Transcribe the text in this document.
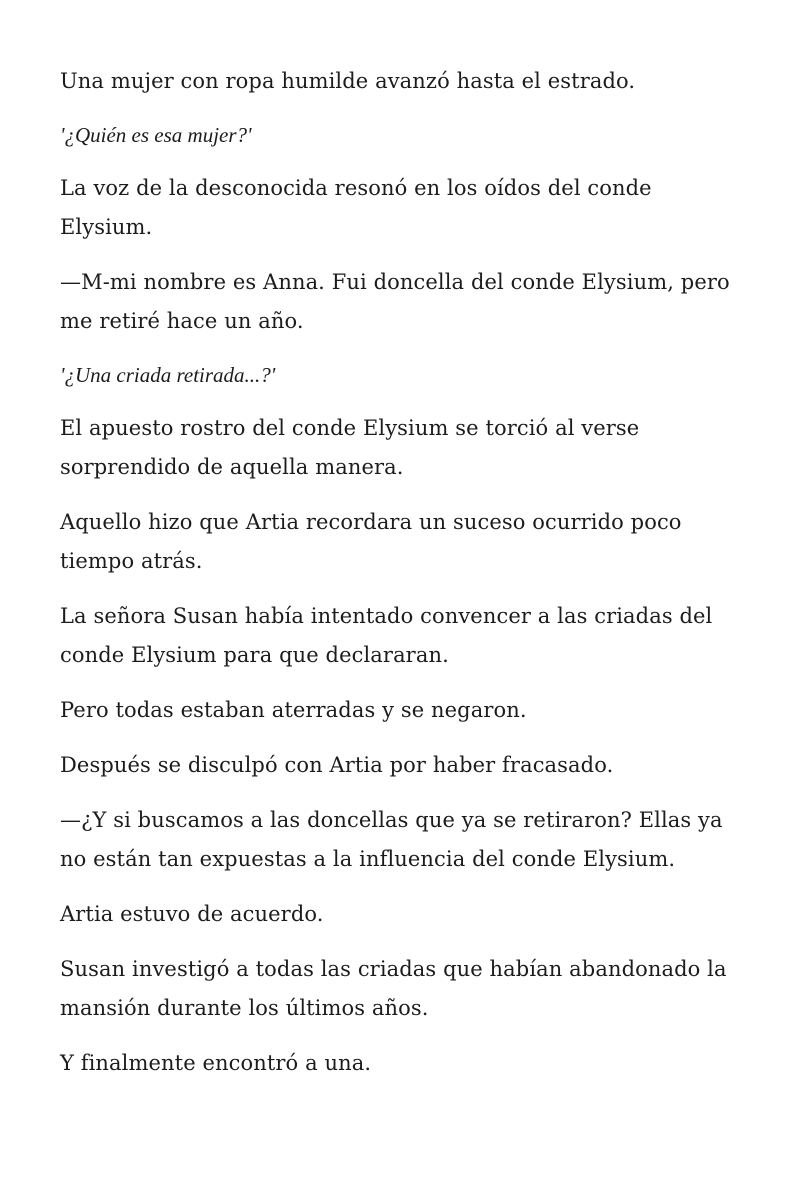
Una mujer con ropa humilde avanzó hasta el estrado.

'¿Quién es esa mujer?'

La voz de la desconocida resonó en los oídos del conde Elysium.

—M-mi nombre es Anna. Fui doncella del conde Elysium, pero me retiré hace un año.

'¿Una criada retirada...?'

El apuesto rostro del conde Elysium se torció al verse sorprendido de aquella manera.

Aquello hizo que Artia recordara un suceso ocurrido poco tiempo atrás.

La señora Susan había intentado convencer a las criadas del conde Elysium para que declararan.

Pero todas estaban aterradas y se negaron.

Después se disculpó con Artia por haber fracasado.

—¿Y si buscamos a las doncellas que ya se retiraron? Ellas ya no están tan expuestas a la influencia del conde Elysium.

Artia estuvo de acuerdo.

Susan investigó a todas las criadas que habían abandonado la mansión durante los últimos años.

Y finalmente encontró a una.
